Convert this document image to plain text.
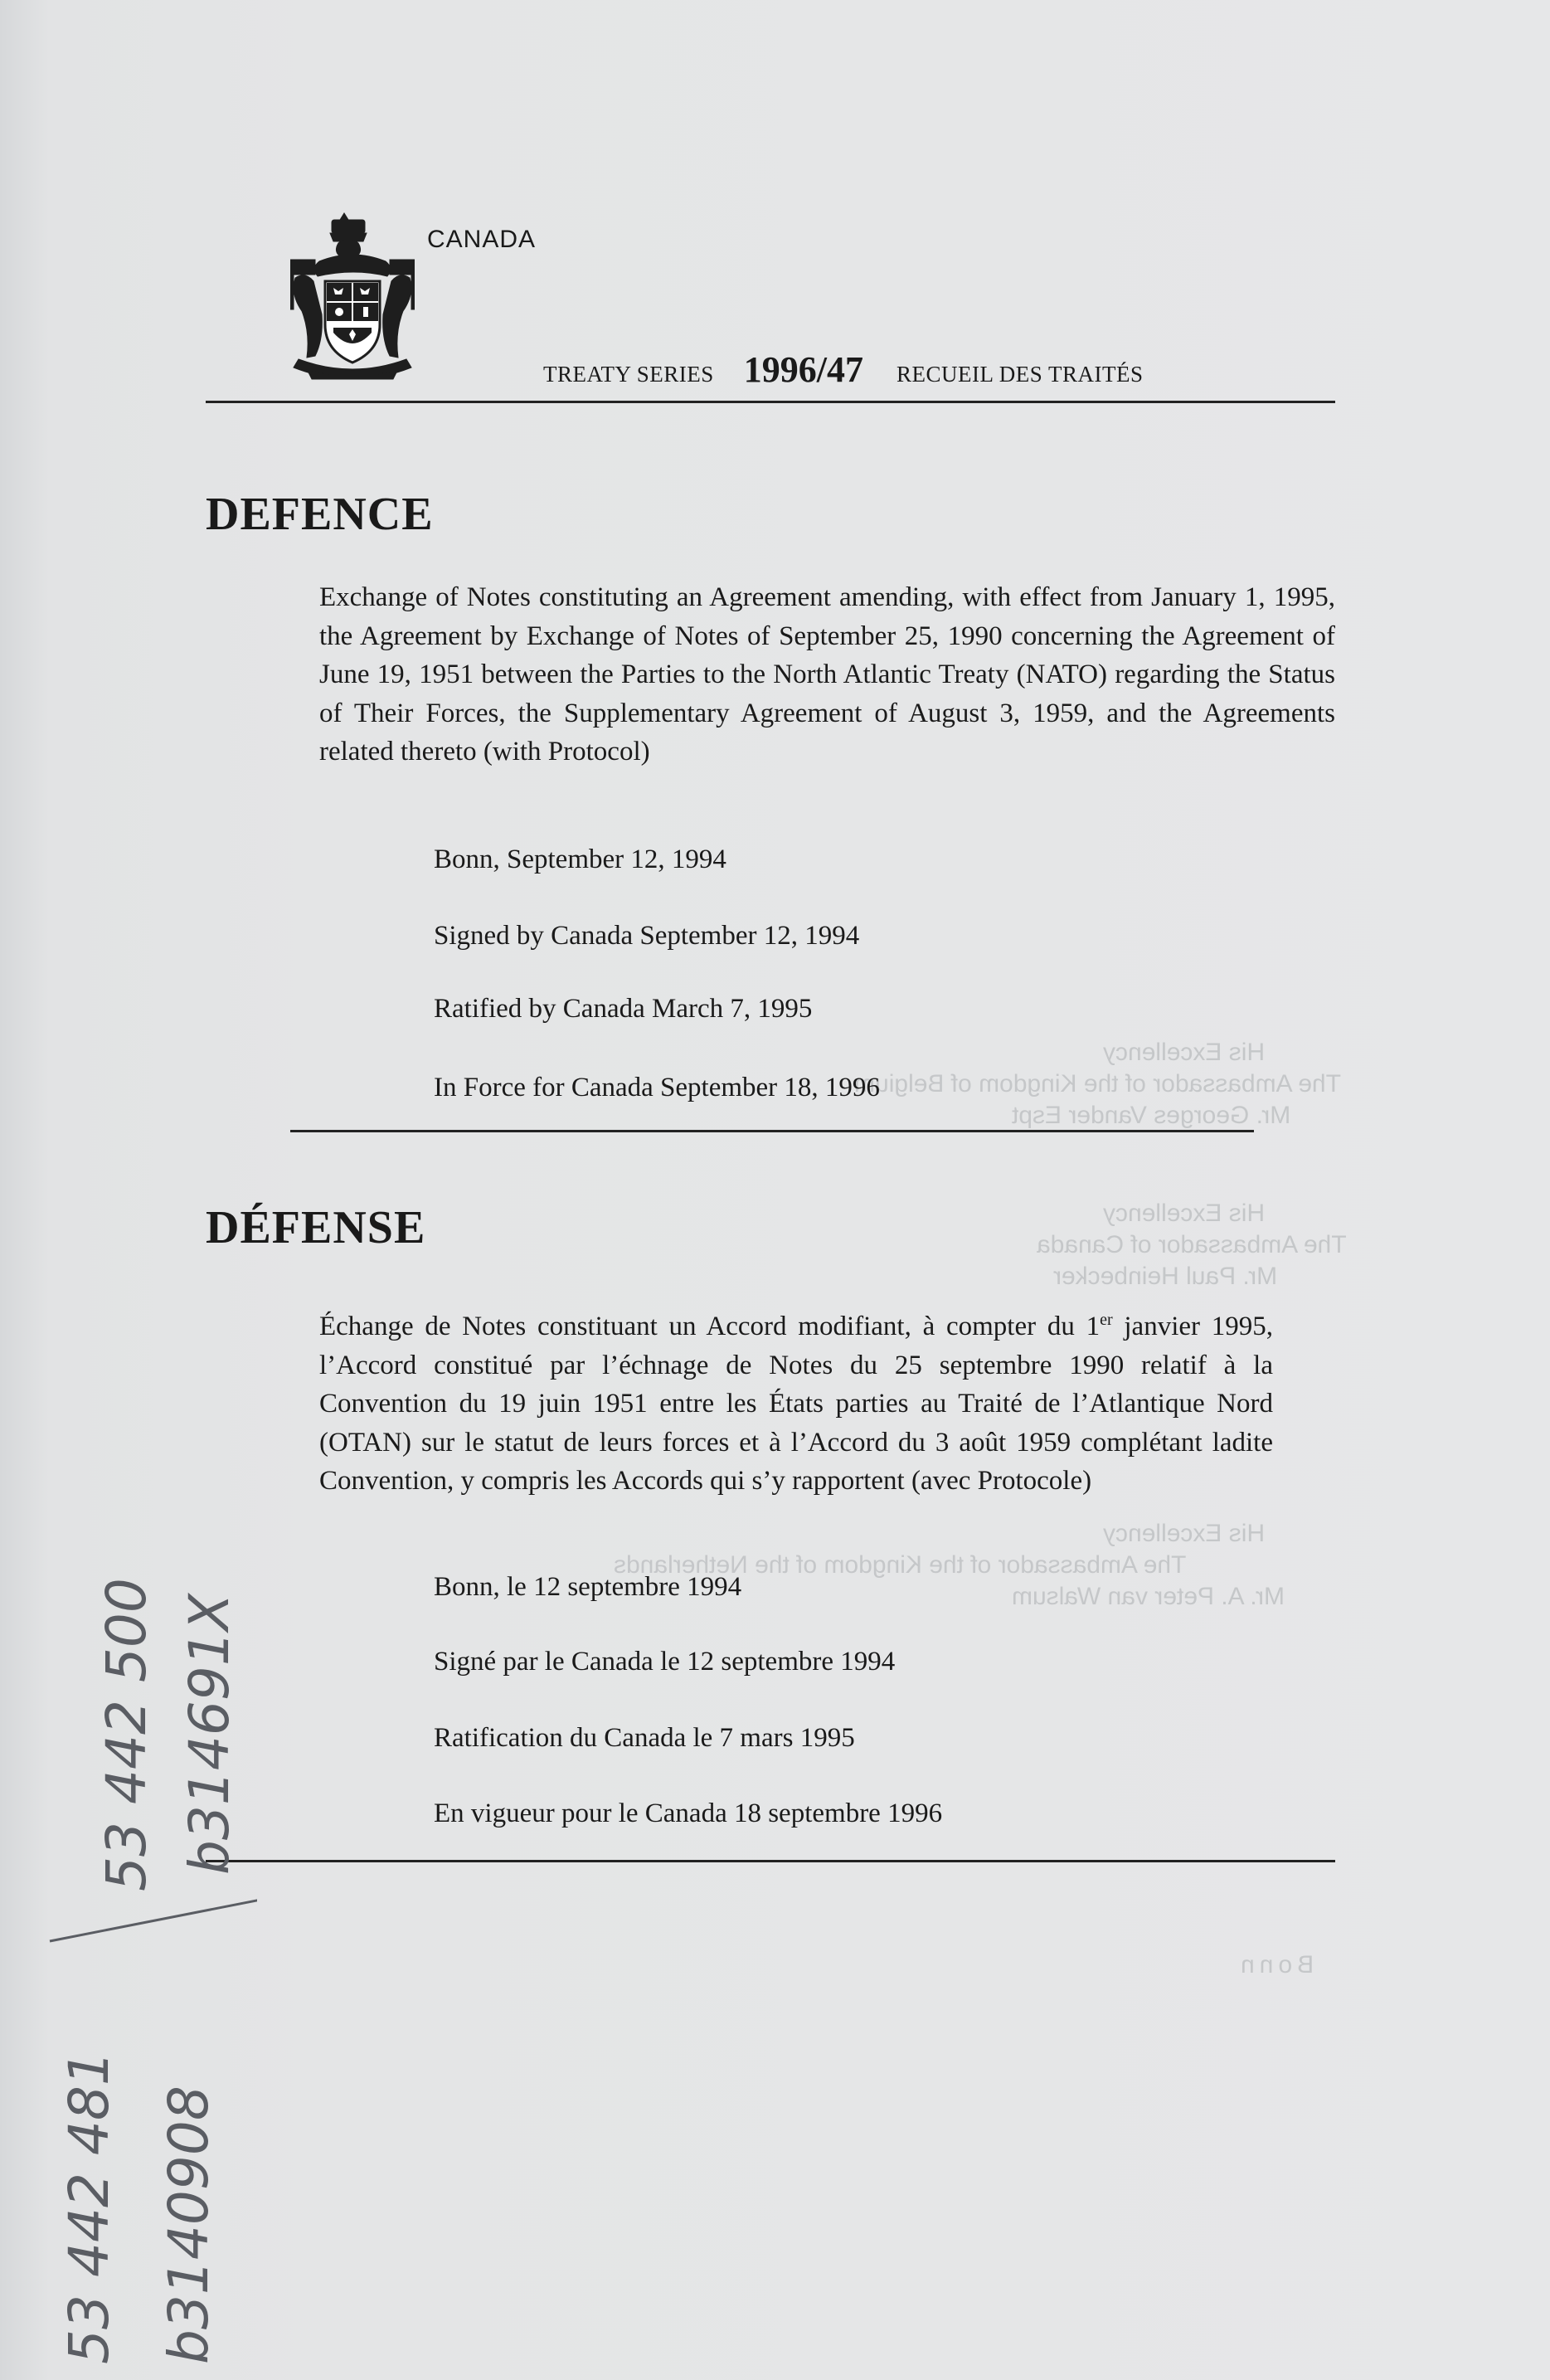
His Excellency
The Ambassador of the Kingdom of Belgium
Mr. Georges Vander Espt
His Excellency
The Ambassador of Canada
Mr. Paul Heinbecker
His Excellency
The Ambassador of the Kingdom of the Netherlands
Mr. A. Peter van Walsum
Bonn
CANADA
TREATY SERIES 1996/47 RECUEIL DES TRAITÉS
DEFENCE

Exchange of Notes constituting an Agreement amending, with effect from January 1, 1995, the Agreement by Exchange of Notes of September 25, 1990 concerning the Agreement of June 19, 1951 between the Parties to the North Atlantic Treaty (NATO) regarding the Status of Their Forces, the Supplementary Agreement of August 3, 1959, and the Agreements related thereto (with Protocol)

Bonn, September 12, 1994
Signed by Canada September 12, 1994
Ratified by Canada March 7, 1995
In Force for Canada September 18, 1996
DÉFENSE

Échange de Notes constituant un Accord modifiant, à compter du 1er janvier 1995, l’Accord constitué par l’échnage de Notes du 25 septembre 1990 relatif à la Convention du 19 juin 1951 entre les États parties au Traité de l’Atlantique Nord (OTAN) sur le statut de leurs forces et à l’Accord du 3 août 1959 complétant ladite Convention, y compris les Accords qui s’y rapportent (avec Protocole)

Bonn, le 12 septembre 1994
Signé par le Canada le 12 septembre 1994
Ratification du Canada le 7 mars 1995
En vigueur pour le Canada 18 septembre 1996
53 442 500 b314691X
53 442 481 b3140908
